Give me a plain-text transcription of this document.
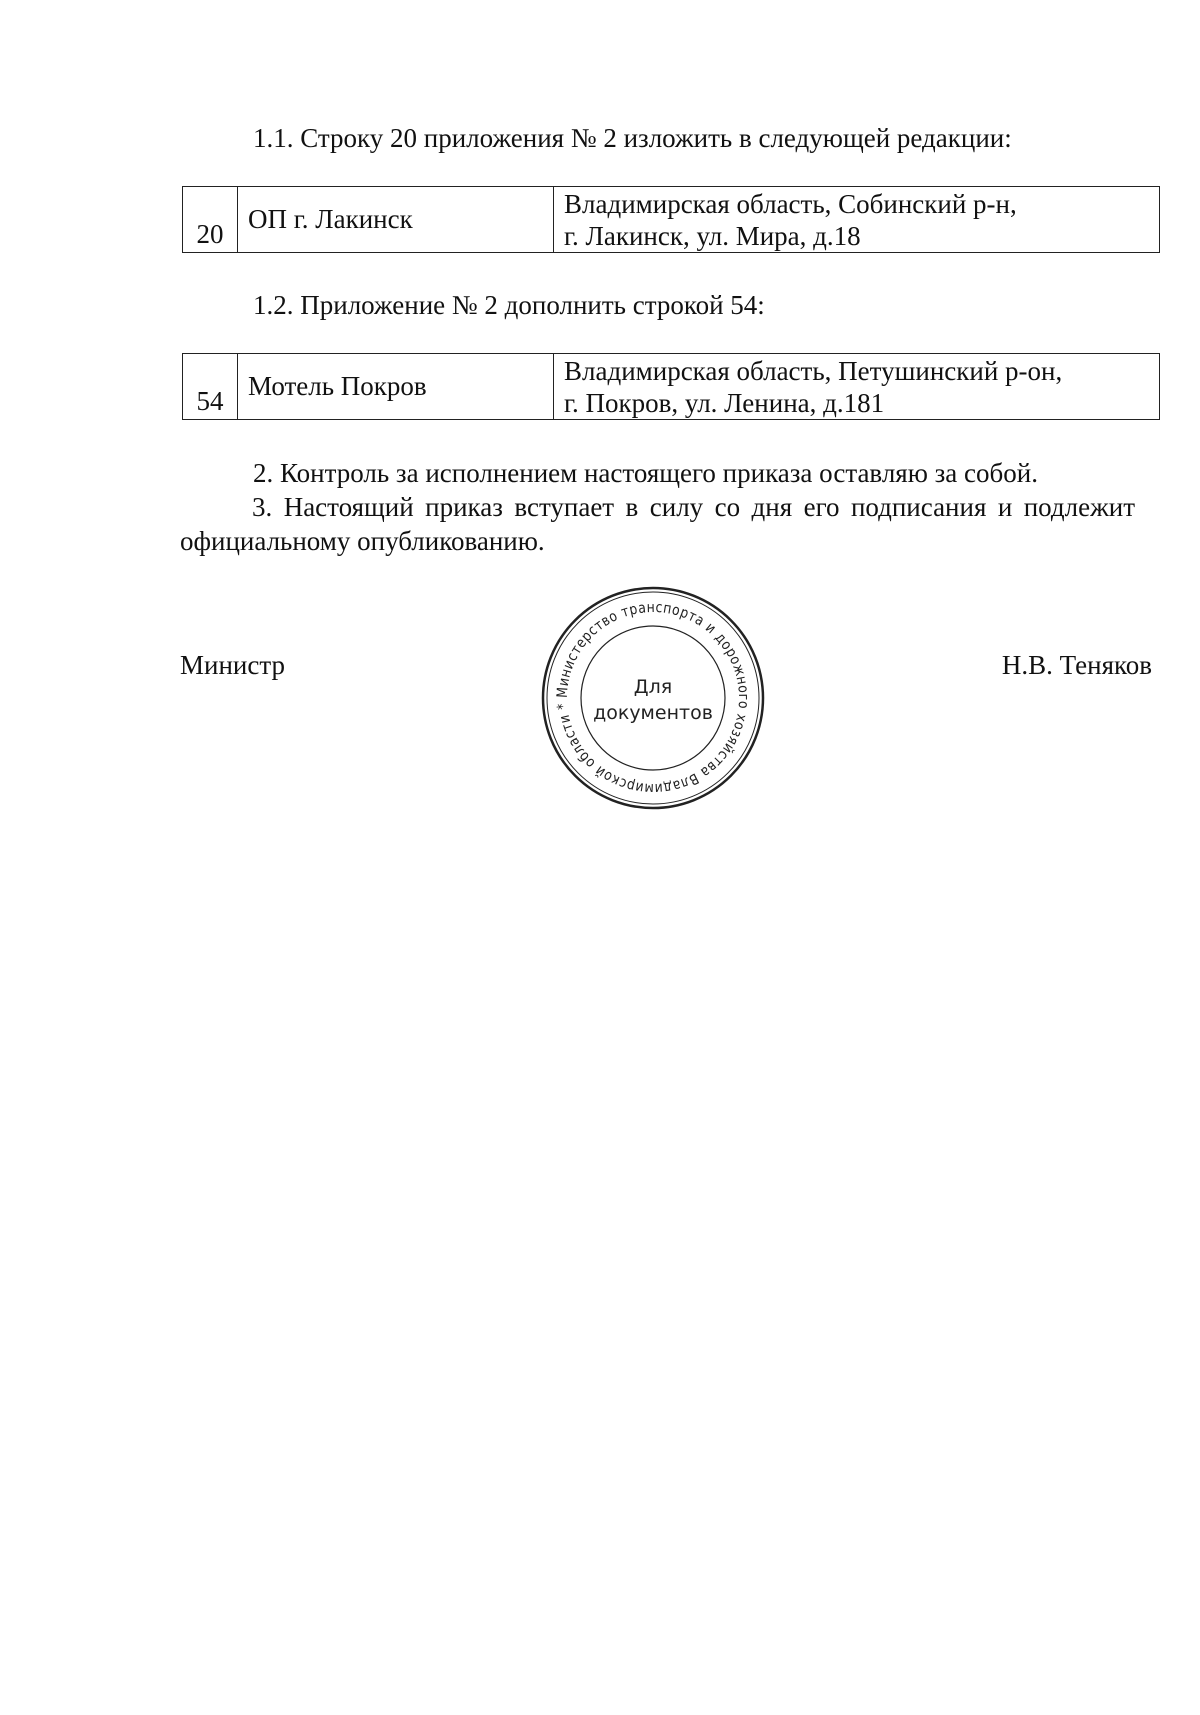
1.1. Строку 20 приложения № 2 изложить в следующей редакции:
20	ОП г. Лакинск	Владимирская область, Собинский р-н,
г. Лакинск, ул. Мира, д.18
1.2. Приложение № 2 дополнить строкой 54:
54	Мотель Покров	Владимирская область, Петушинский р-он,
г. Покров, ул. Ленина, д.181
2. Контроль за исполнением настоящего приказа оставляю за собой.
3. Настоящий приказ вступает в силу со дня его подписания и подлежит
официальному опубликованию.
Министр	Н.В. Теняков
Министерство транспорта и дорожного хозяйства Владимирской области *
Для
документов
